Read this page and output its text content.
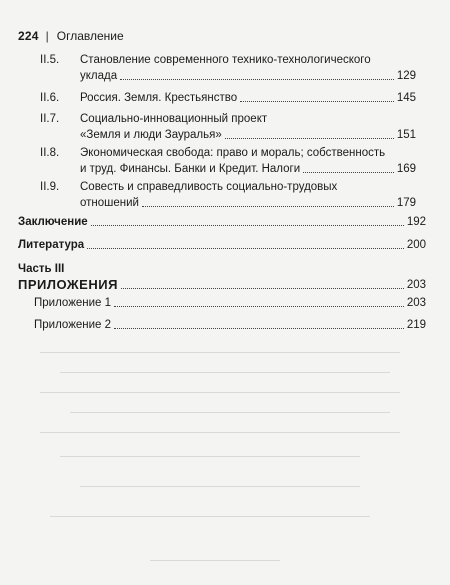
224 | Оглавление
II.5. Становление современного технико-технологического
уклада	129
II.6. Россия. Земля. Крестьянство	145
II.7. Социально-инновационный проект
«Земля и люди Зауралья»	151
II.8. Экономическая свобода: право и мораль; собственность
и труд. Финансы. Банки и Кредит. Налоги	169
II.9. Совесть и справедливость социально-трудовых
отношений	179
Заключение	192
Литература	200
Часть III
ПРИЛОЖЕНИЯ	203
Приложение 1	203
Приложение 2	219
